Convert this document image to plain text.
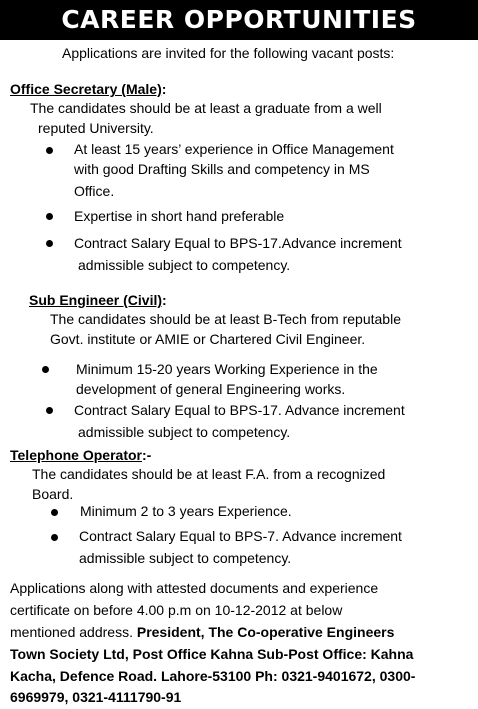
CAREER OPPORTUNITIES
Applications are invited for the following vacant posts:
Office Secretary (Male):
The candidates should be at least a graduate from a well
reputed University.
At least 15 years’ experience in Office Management
with good Drafting Skills and competency in MS
Office.
Expertise in short hand preferable
Contract Salary Equal to BPS-17.Advance increment
admissible subject to competency.
Sub Engineer (Civil):
The candidates should be at least B-Tech from reputable
Govt. institute or AMIE or Chartered Civil Engineer.
Minimum 15-20 years Working Experience in the
development of general Engineering works.
Contract Salary Equal to BPS-17. Advance increment
admissible subject to competency.
Telephone Operator:-
The candidates should be at least F.A. from a recognized
Board.
Minimum 2 to 3 years Experience.
Contract Salary Equal to BPS-7. Advance increment
admissible subject to competency.
Applications along with attested documents and experience
certificate on before 4.00 p.m on 10-12-2012 at below
mentioned address. President, The Co-operative Engineers
Town Society Ltd, Post Office Kahna Sub-Post Office: Kahna
Kacha, Defence Road. Lahore-53100 Ph: 0321-9401672, 0300-
6969979, 0321-4111790-91
